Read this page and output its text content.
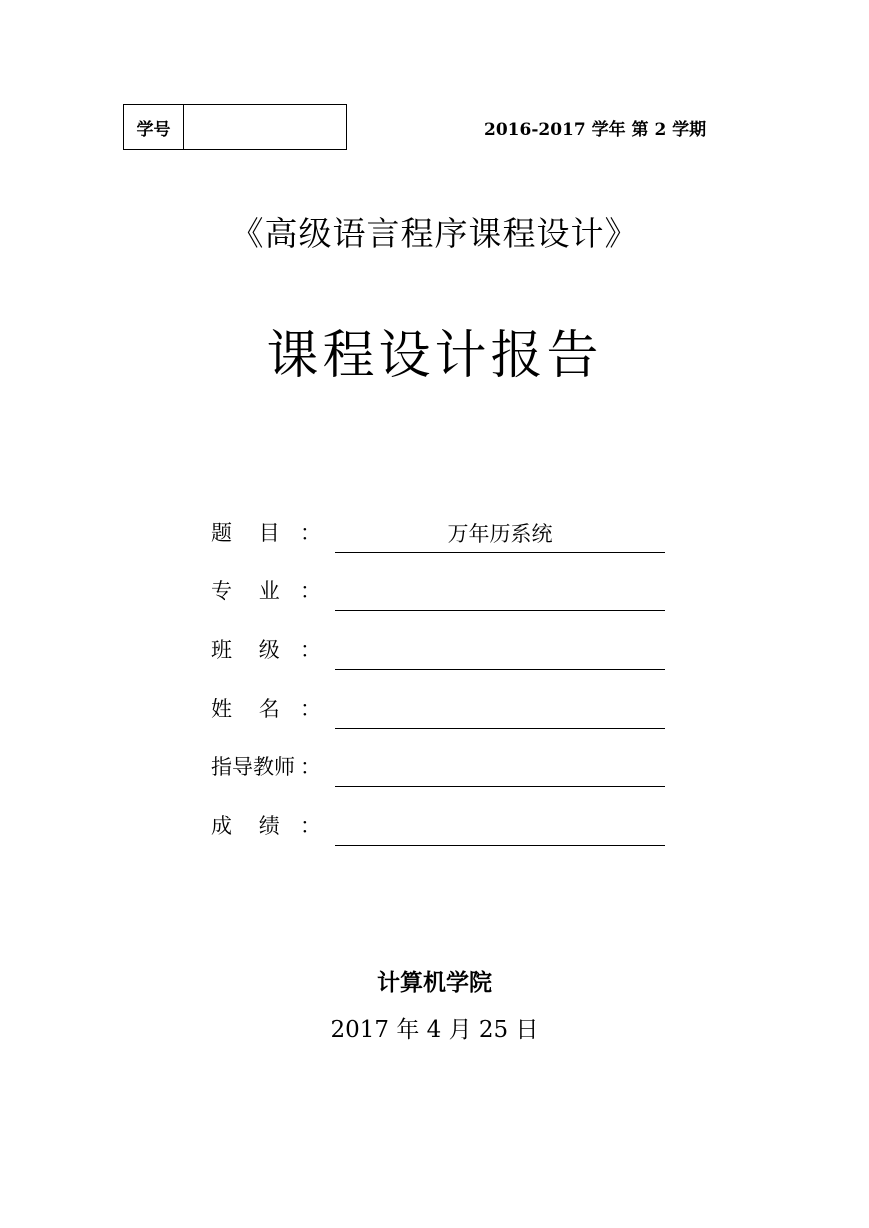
学号	2016-2017 学年 第 2 学期
《高级语言程序课程设计》
课程设计报告
题    目 ：	万年历系统
专    业 ：
班    级 ：
姓    名 ：
指导教师 ：
成    绩 ：
计算机学院
2017 年 4 月 25 日
